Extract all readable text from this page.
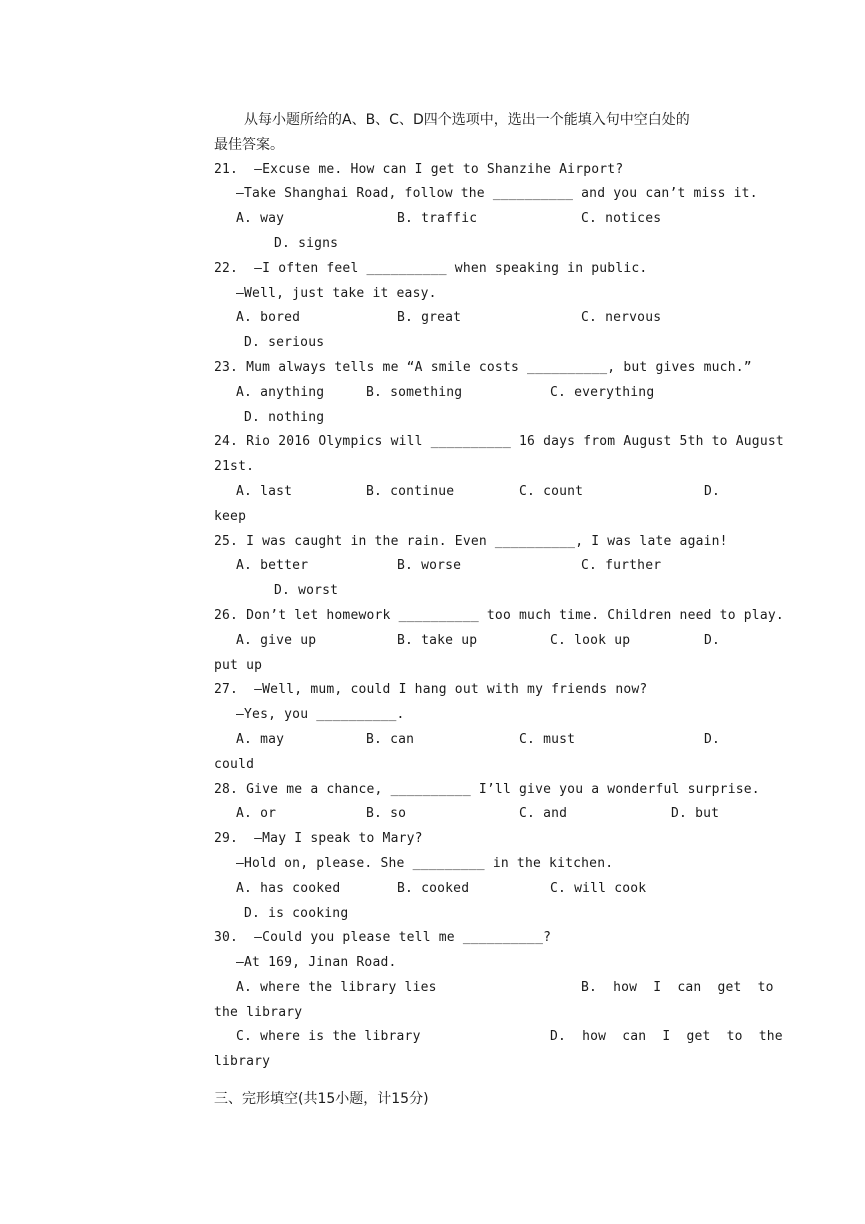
从每小题所给的A、B、C、D四个选项中，选出一个能填入句中空白处的
最佳答案。
21.  —Excuse me. How can I get to Shanzihe Airport?
—Take Shanghai Road, follow the __________ and you can’t miss it.

A. way

	B. traffic

	C. notices

D. signs
22.  —I often feel __________ when speaking in public.
—Well, just take it easy.

A. bored

	B. great

	C. nervous

D. serious
23. Mum always tells me “A smile costs __________, but gives much.”

A. anything

	B. something

	C. everything

D. nothing
24. Rio 2016 Olympics will __________ 16 days from August 5th to August
21st.

A. last

	B. continue

	C. count

	D.

keep
25. I was caught in the rain. Even __________, I was late again!

A. better

	B. worse

	C. further

D. worst
26. Don’t let homework __________ too much time. Children need to play.

A. give up

	B. take up

	C. look up

	D.

put up
27.  —Well, mum, could I hang out with my friends now?
—Yes, you __________.

A. may

	B. can

	C. must

	D.

could
28. Give me a chance, __________ I’ll give you a wonderful surprise.

A. or

	B. so

	C. and

	D. but

29.  —May I speak to Mary?
—Hold on, please. She _________ in the kitchen.

A. has cooked

	B. cooked

	C. will cook

D. is cooking
30.  —Could you please tell me __________?
—At 169, Jinan Road.

A. where the library lies

	B.  how  I  can  get  to

the library

C. where is the library

	D.  how  can  I  get  to  the

library
三、完形填空(共15小题，计15分)
